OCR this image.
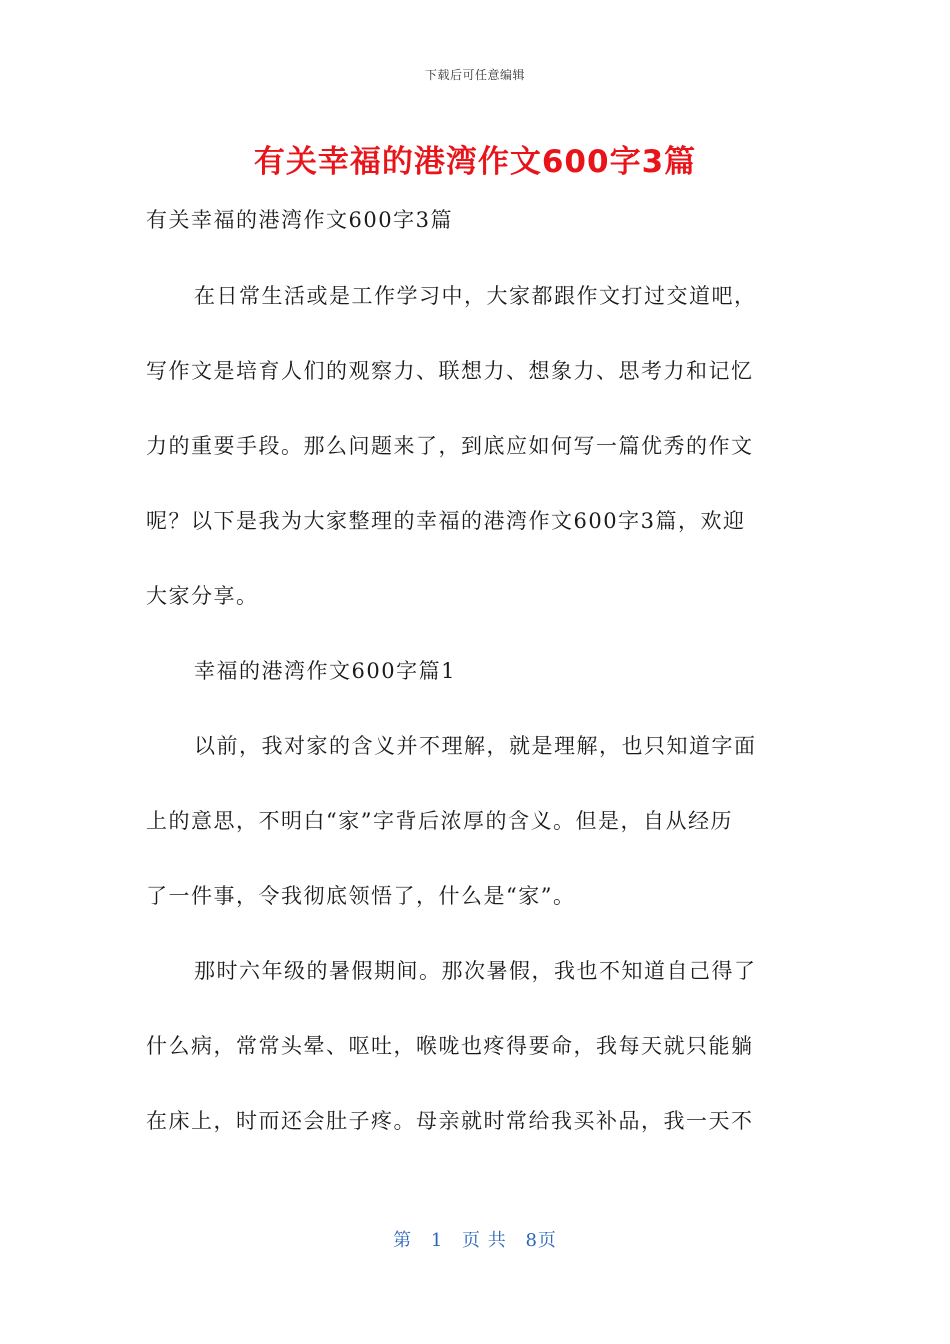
下载后可任意编辑
有关幸福的港湾作文600字3篇
有关幸福的港湾作文600字3篇
在日常生活或是工作学习中，大家都跟作文打过交道吧，
写作文是培育人们的观察力、联想力、想象力、思考力和记忆
力的重要手段。那么问题来了，到底应如何写一篇优秀的作文
呢？以下是我为大家整理的幸福的港湾作文600字3篇，欢迎
大家分享。
幸福的港湾作文600字篇1
以前，我对家的含义并不理解，就是理解，也只知道字面
上的意思，不明白“家”字背后浓厚的含义。但是，自从经历
了一件事，令我彻底领悟了，什么是“家”。
那时六年级的暑假期间。那次暑假，我也不知道自己得了
什么病，常常头晕、呕吐，喉咙也疼得要命，我每天就只能躺
在床上，时而还会肚子疼。母亲就时常给我买补品，我一天不
第 1 页 共 8页
